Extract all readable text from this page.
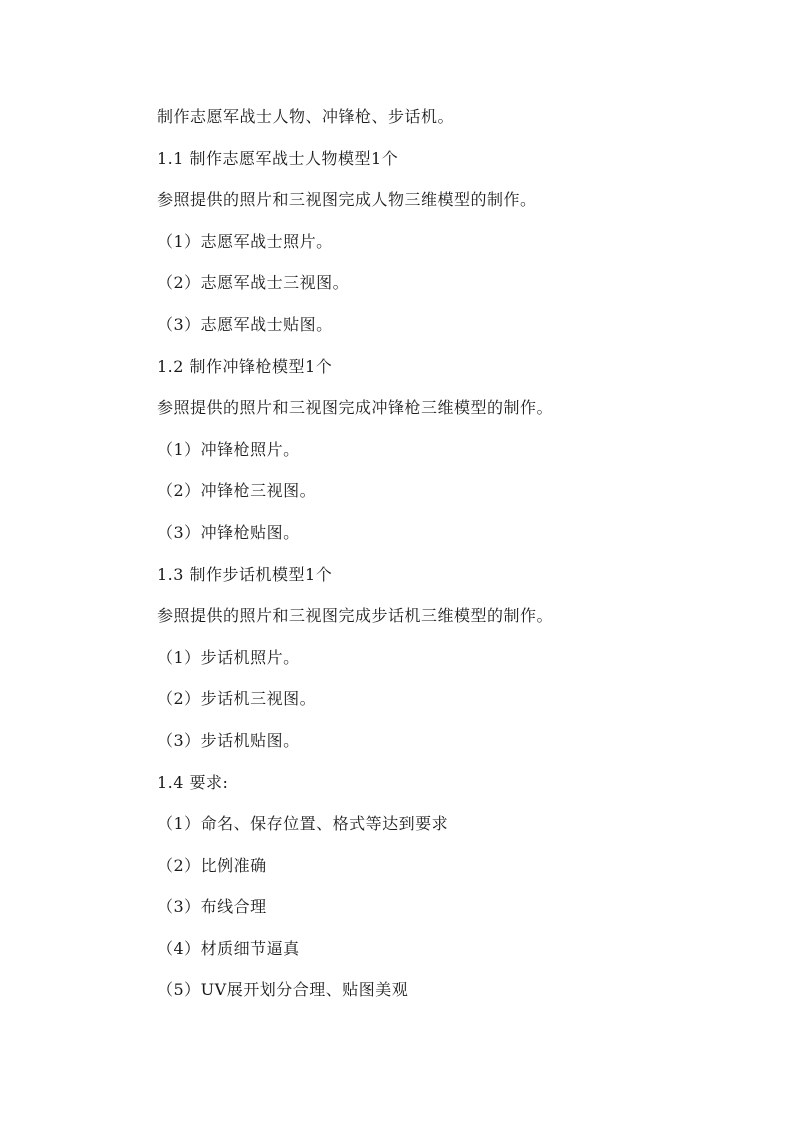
制作志愿军战士人物、冲锋枪、步话机。
1.1 制作志愿军战士人物模型1个
参照提供的照片和三视图完成人物三维模型的制作。
（1）志愿军战士照片。
（2）志愿军战士三视图。
（3）志愿军战士贴图。
1.2 制作冲锋枪模型1个
参照提供的照片和三视图完成冲锋枪三维模型的制作。
（1）冲锋枪照片。
（2）冲锋枪三视图。
（3）冲锋枪贴图。
1.3 制作步话机模型1个
参照提供的照片和三视图完成步话机三维模型的制作。
（1）步话机照片。
（2）步话机三视图。
（3）步话机贴图。
1.4 要求:
（1）命名、保存位置、格式等达到要求
（2）比例准确
（3）布线合理
（4）材质细节逼真
（5）UV展开划分合理、贴图美观
